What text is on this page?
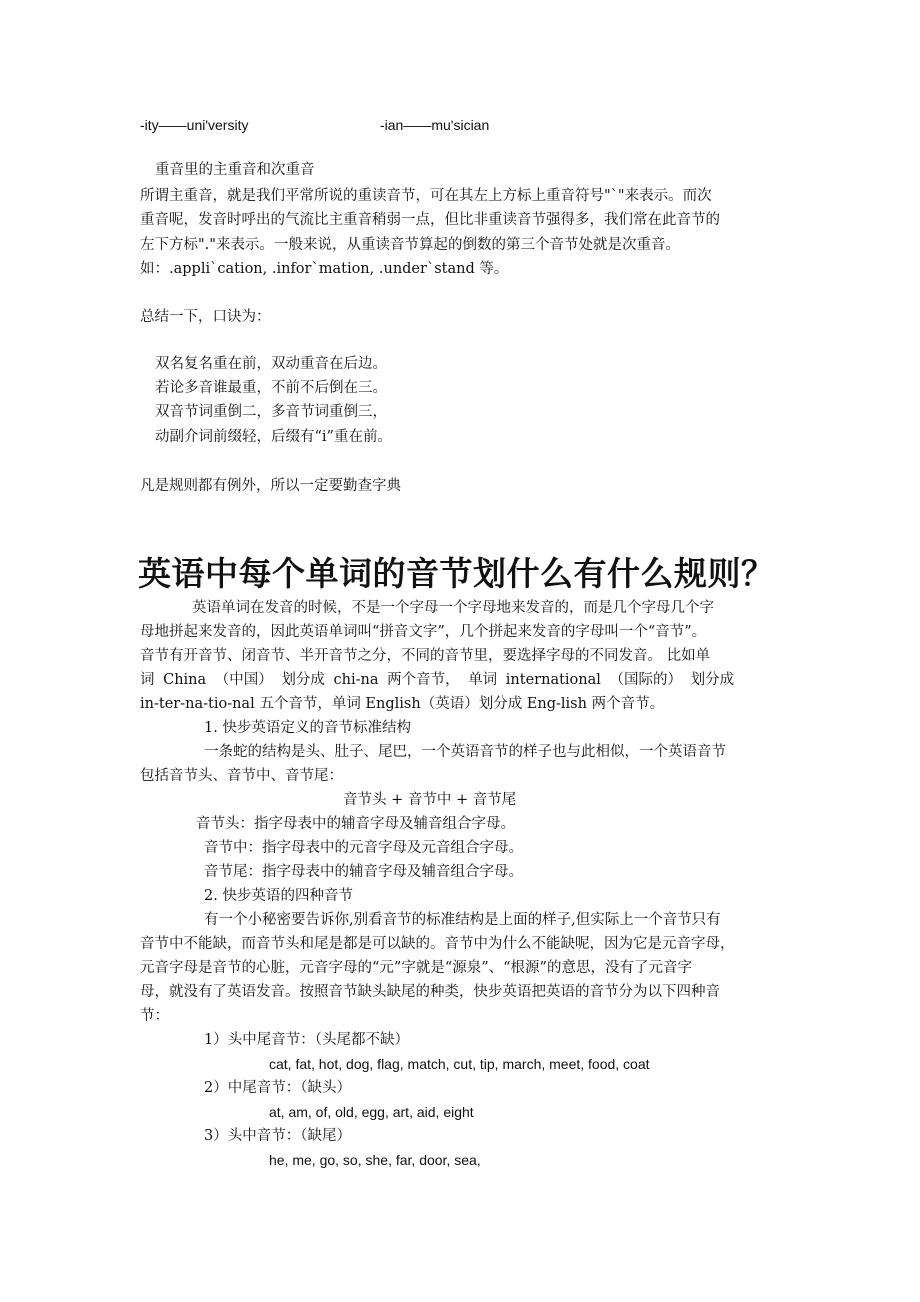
-ity——uni'versity	-ian——mu'sician
重音里的主重音和次重音
所谓主重音，就是我们平常所说的重读音节，可在其左上方标上重音符号"`"来表示。而次
重音呢，发音时呼出的气流比主重音稍弱一点，但比非重读音节强得多，我们常在此音节的
左下方标"."来表示。一般来说，从重读音节算起的倒数的第三个音节处就是次重音。
如：.appli`cation, .infor`mation, .under`stand 等。
总结一下，口诀为：
双名复名重在前，双动重音在后边。
若论多音谁最重，不前不后倒在三。
双音节词重倒二，多音节词重倒三，
动副介词前缀轻，后缀有“i”重在前。
凡是规则都有例外，所以一定要勤查字典
英语中每个单词的音节划什么有什么规则？
英语单词在发音的时候，不是一个字母一个字母地来发音的，而是几个字母几个字
母地拼起来发音的，因此英语单词叫“拼音文字”，几个拼起来发音的字母叫一个“音节”。
音节有开音节、闭音节、半开音节之分，不同的音节里，要选择字母的不同发音。 比如单
词 China （中国） 划分成 chi-na 两个音节， 单词 international （国际的） 划分成
in-ter-na-tio-nal 五个音节，单词 English（英语）划分成 Eng-lish 两个音节。
1. 快步英语定义的音节标准结构
一条蛇的结构是头、肚子、尾巴，一个英语音节的样子也与此相似，一个英语音节
包括音节头、音节中、音节尾：
音节头 + 音节中 + 音节尾
音节头：指字母表中的辅音字母及辅音组合字母。
音节中：指字母表中的元音字母及元音组合字母。
音节尾：指字母表中的辅音字母及辅音组合字母。
2. 快步英语的四种音节
有一个小秘密要告诉你,别看音节的标准结构是上面的样子,但实际上一个音节只有
音节中不能缺，而音节头和尾是都是可以缺的。音节中为什么不能缺呢，因为它是元音字母，
元音字母是音节的心脏，元音字母的“元”字就是“源泉”、“根源”的意思，没有了元音字
母，就没有了英语发音。按照音节缺头缺尾的种类，快步英语把英语的音节分为以下四种音
节：
1）头中尾音节：（头尾都不缺）
cat, fat, hot, dog, flag, match, cut, tip, march, meet, food, coat
2）中尾音节：（缺头）
at, am, of, old, egg, art, aid, eight
3）头中音节：（缺尾）
he, me, go, so, she, far, door, sea,
